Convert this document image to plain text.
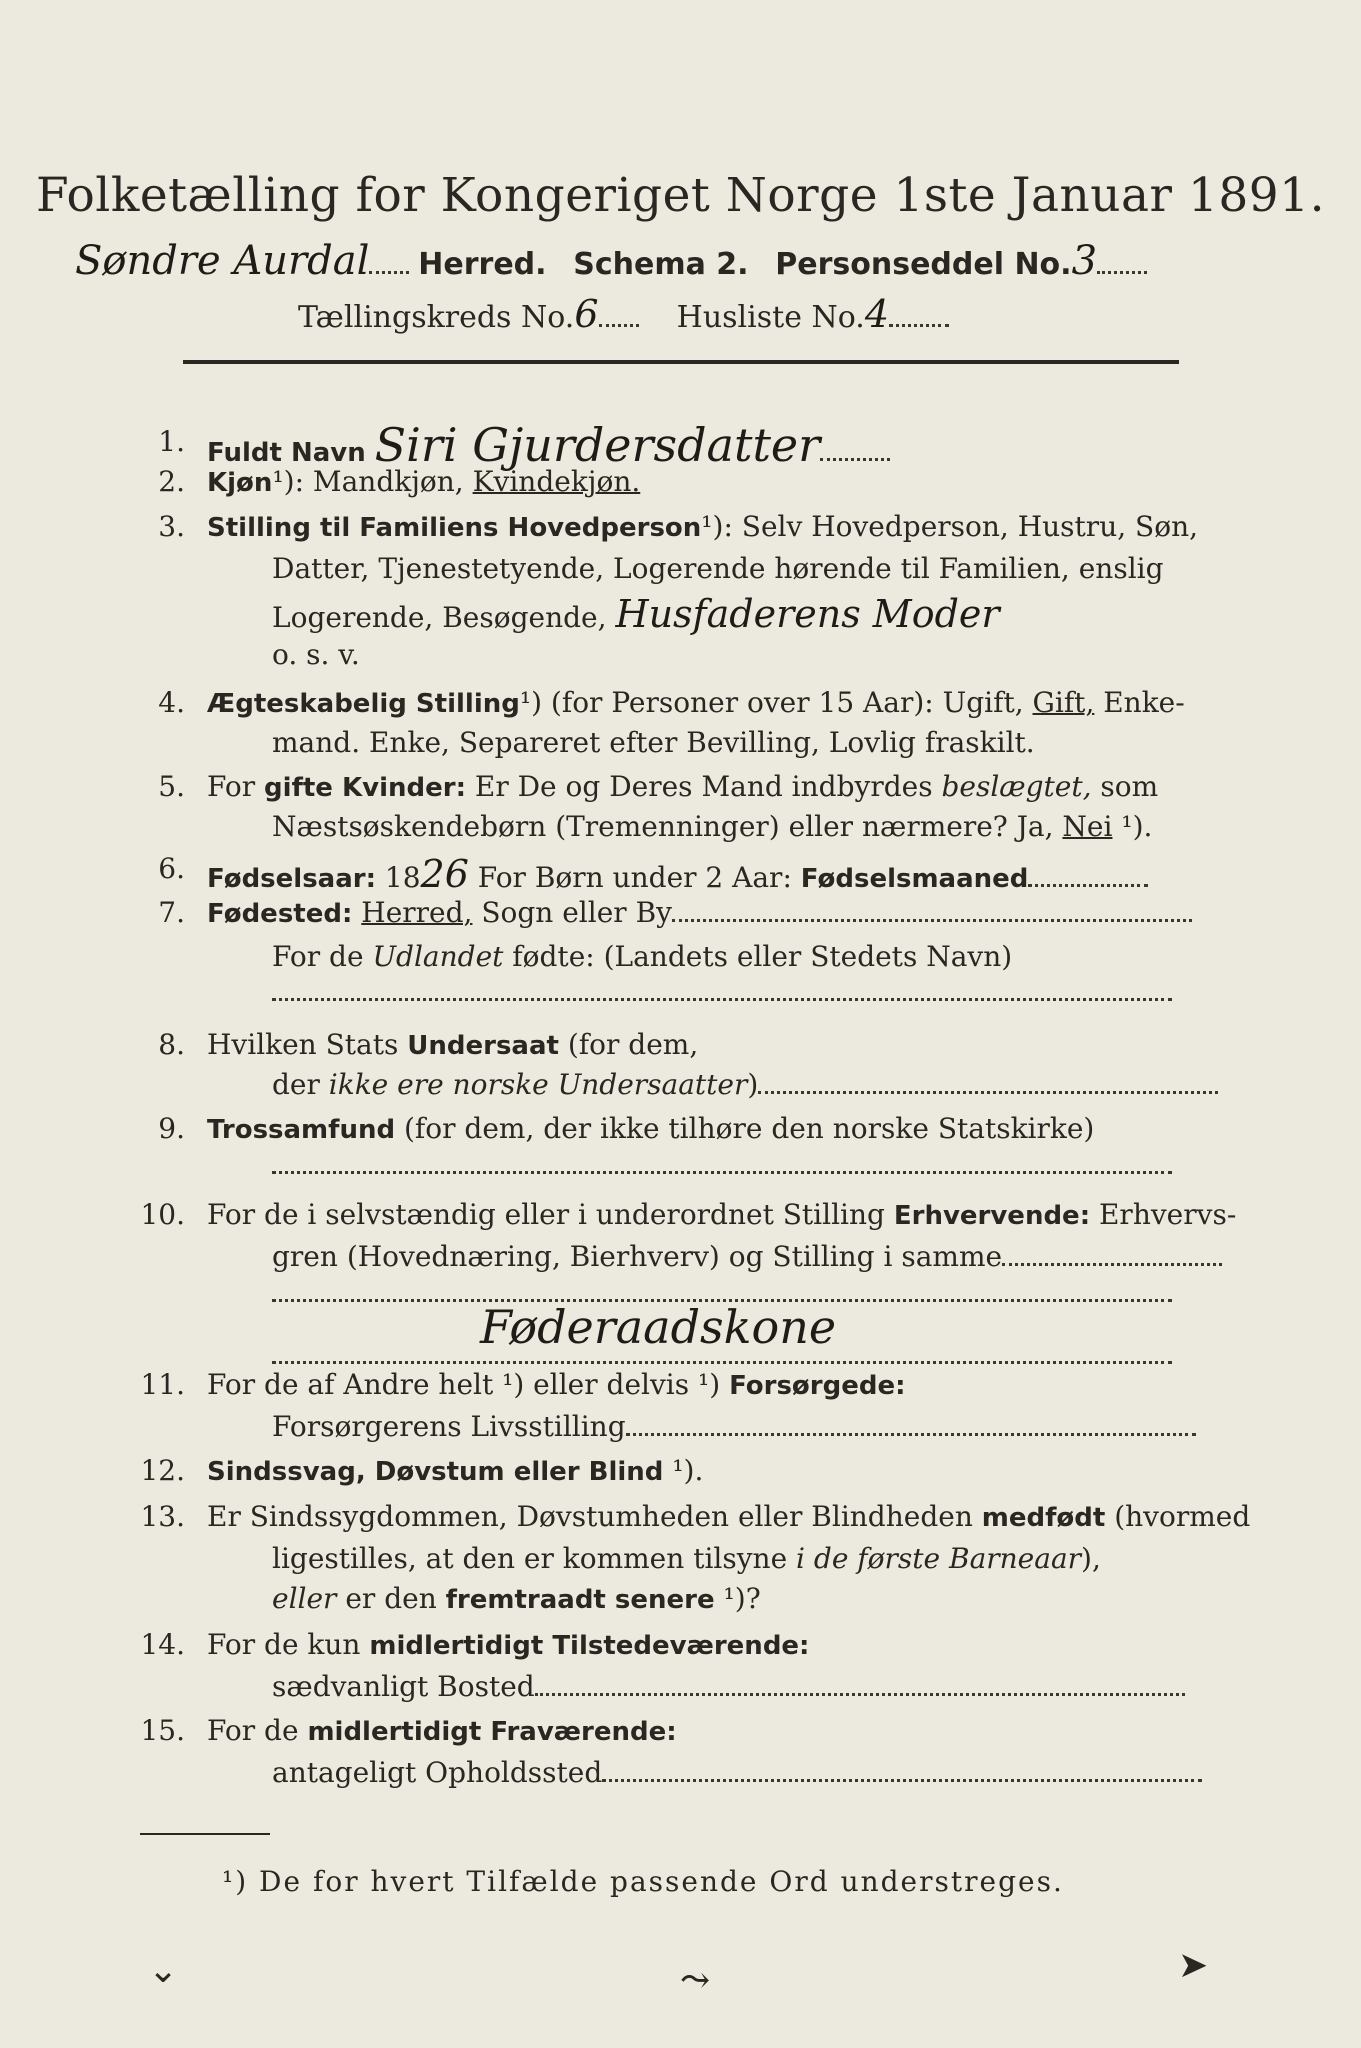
Folketælling for Kongeriget Norge 1ste Januar 1891.
Søndre Aurdal Herred. Schema 2. Personseddel No.3
Tællingskreds No.6	Husliste No.4
1. Fuldt Navn Siri Gjurdersdatter
2. Kjøn¹): Mandkjøn, Kvindekjøn.
3. Stilling til Familiens Hovedperson¹): Selv Hovedperson, Hustru, Søn,
Datter, Tjenestetyende, Logerende hørende til Familien, enslig
Logerende, Besøgende, Husfaderens Moder
o. s. v.
4. Ægteskabelig Stilling¹) (for Personer over 15 Aar): Ugift, Gift, Enke-
mand. Enke, Separeret efter Bevilling, Lovlig fraskilt.
5. For gifte Kvinder: Er De og Deres Mand indbyrdes beslægtet, som
Næstsøskendebørn (Tremenninger) eller nærmere? Ja, Nei ¹).
6. Fødselsaar: 1826 For Børn under 2 Aar: Fødselsmaaned
7. Fødested: Herred, Sogn eller By
For de Udlandet fødte: (Landets eller Stedets Navn)
8. Hvilken Stats Undersaat (for dem,
der ikke ere norske Undersaatter)
9. Trossamfund (for dem, der ikke tilhøre den norske Statskirke)
10. For de i selvstændig eller i underordnet Stilling Erhvervende: Erhvervs-
gren (Hovednæring, Bierhverv) og Stilling i samme
Føderaadskone
11. For de af Andre helt ¹) eller delvis ¹) Forsørgede:
Forsørgerens Livsstilling
12. Sindssvag, Døvstum eller Blind ¹).
13. Er Sindssygdommen, Døvstumheden eller Blindheden medfødt (hvormed
ligestilles, at den er kommen tilsyne i de første Barneaar),
eller er den fremtraadt senere ¹)?
14. For de kun midlertidigt Tilstedeværende:
sædvanligt Bosted
15. For de midlertidigt Fraværende:
antageligt Opholdssted
¹) De for hvert Tilfælde passende Ord understreges.
⌄	⤳	➤
